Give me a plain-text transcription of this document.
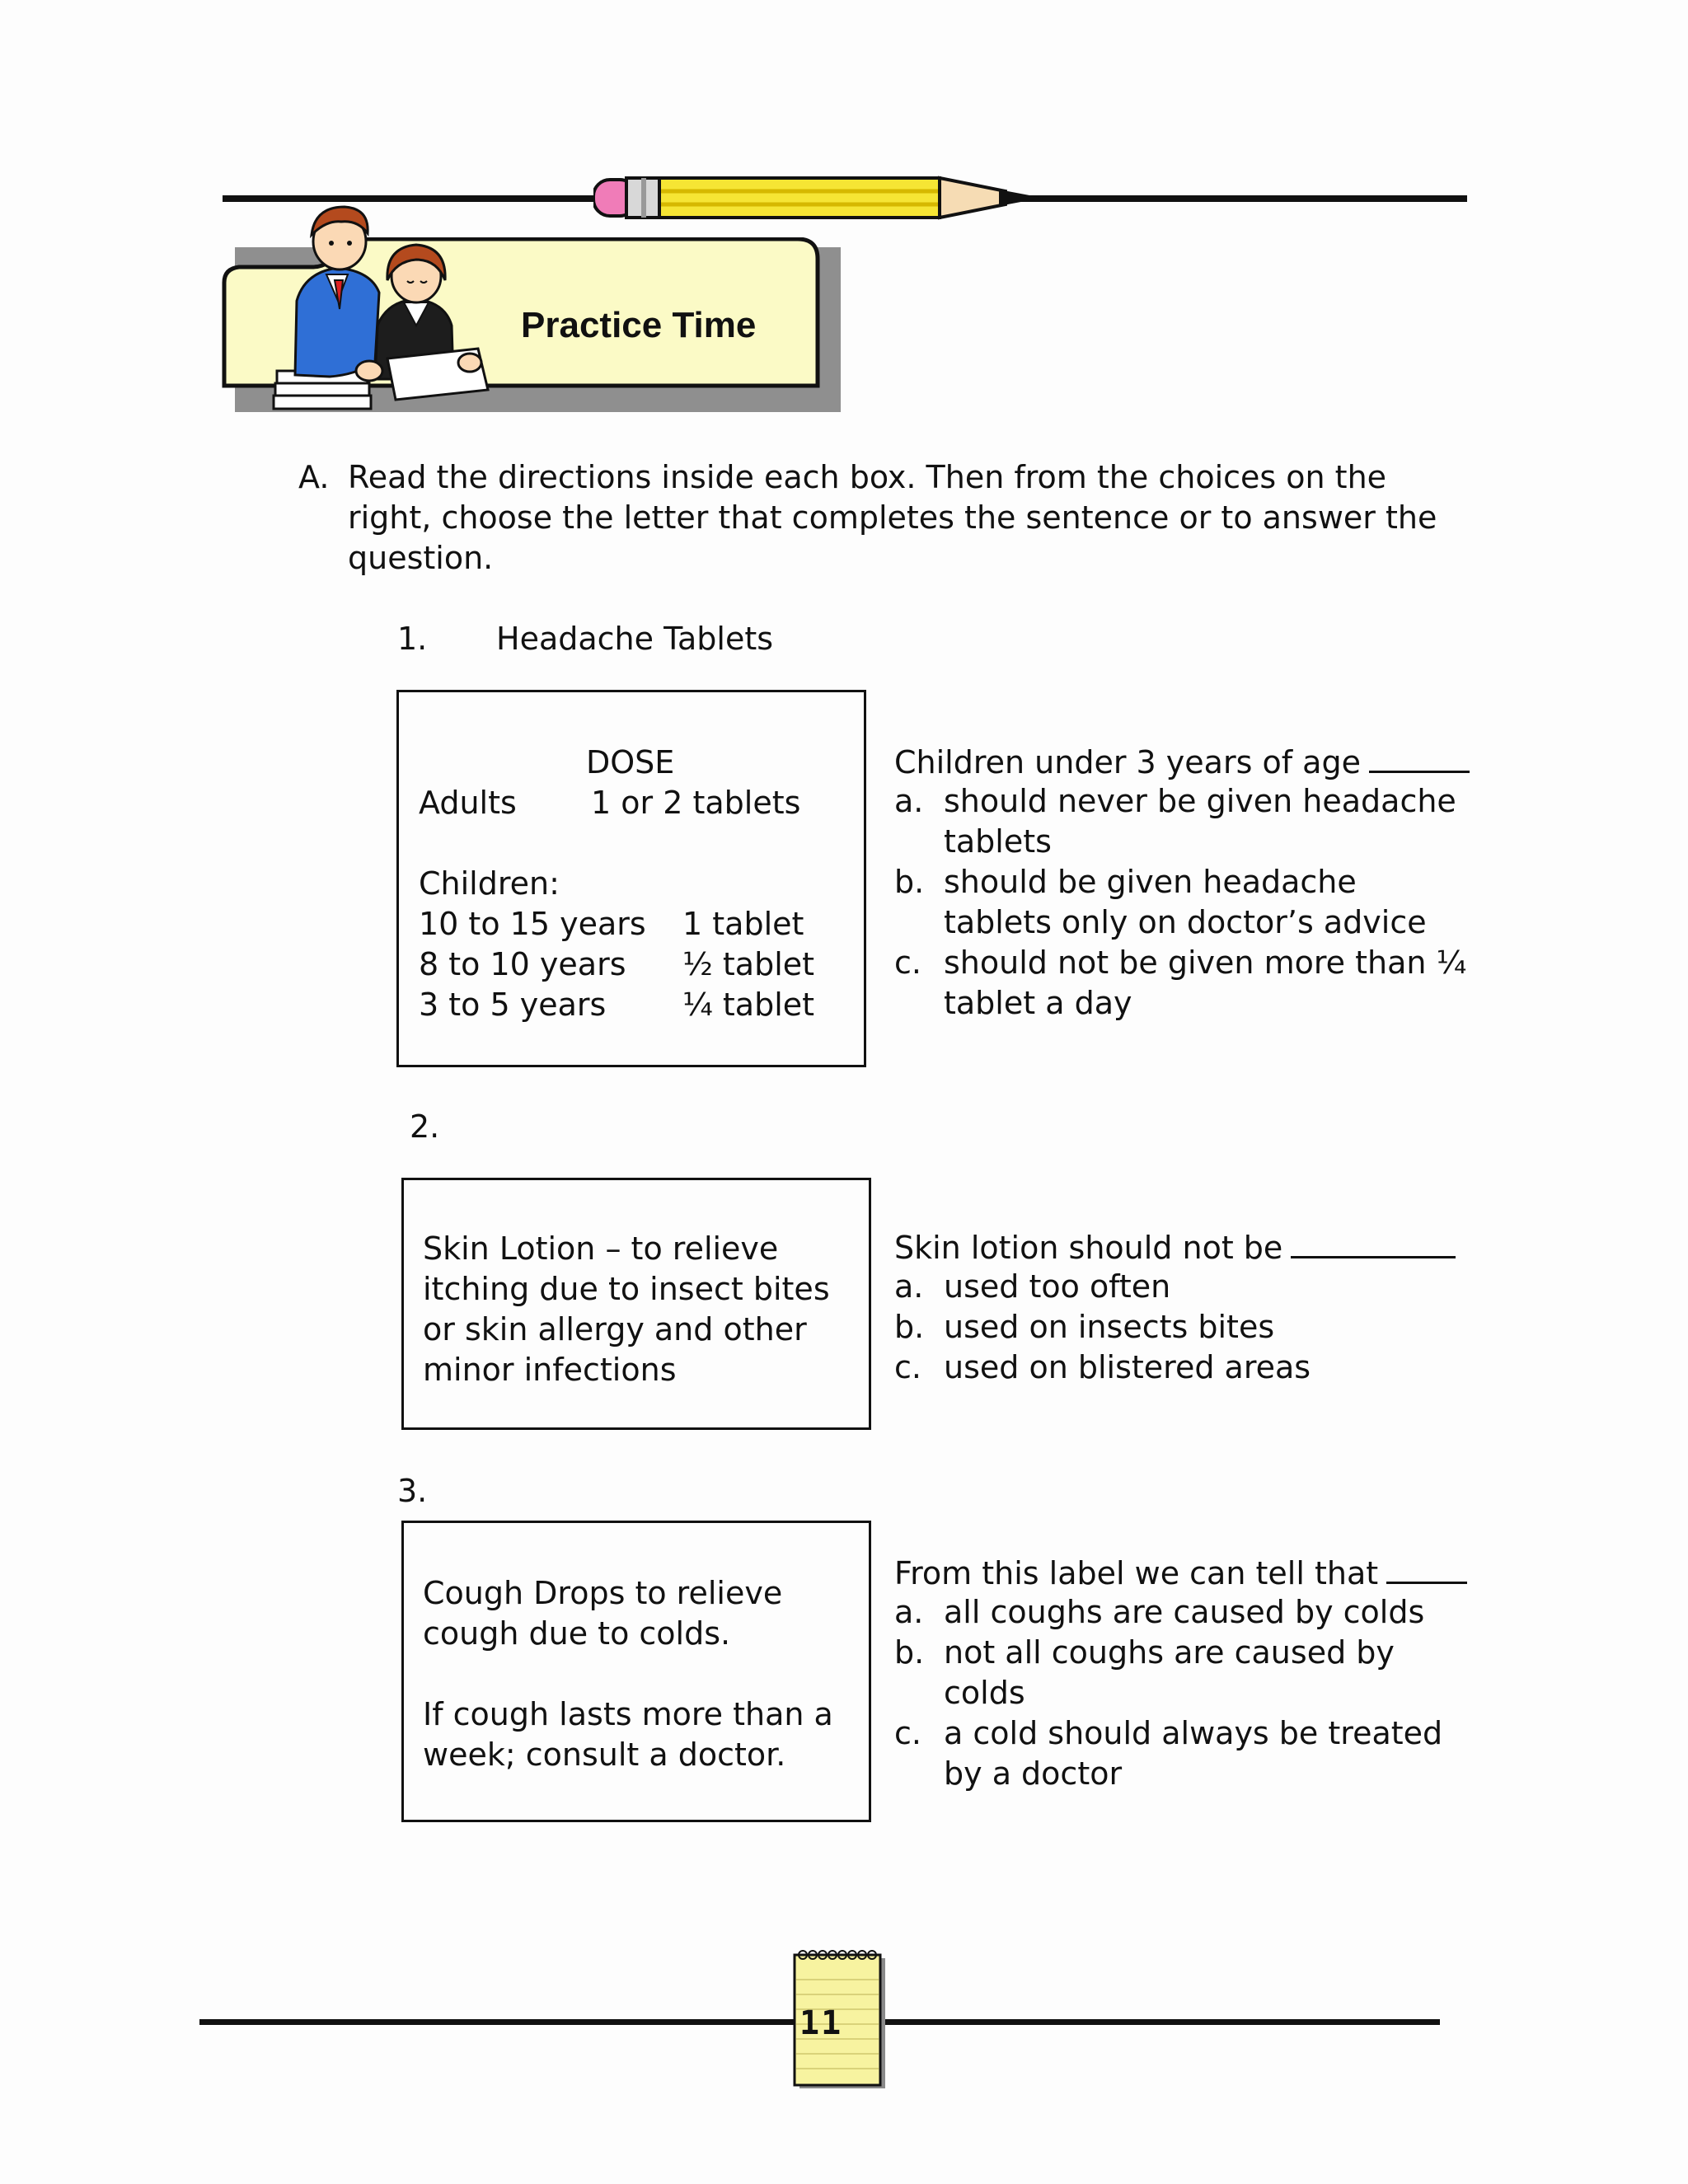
Practice Time
A. Read the directions inside each box. Then from the choices on the
right, choose the letter that completes the sentence or to answer the
question.
1. Headache Tablets
DOSE
Adults 1 or 2 tablets
Children:
10 to 15 years 1 tablet
8 to 10 years ½ tablet
3 to 5 years ¼ tablet
Children under 3 years of age
a. should never be given headache
tablets
b. should be given headache
tablets only on doctor’s advice
c. should not be given more than ¼
tablet a day
2.
Skin Lotion – to relieve
itching due to insect bites
or skin allergy and other
minor infections
Skin lotion should not be
a. used too often
b. used on insects bites
c. used on blistered areas
3.
Cough Drops to relieve
cough due to colds.
If cough lasts more than a
week; consult a doctor.
From this label we can tell that
a. all coughs are caused by colds
b. not all coughs are caused by
colds
c. a cold should always be treated
by a doctor
11
